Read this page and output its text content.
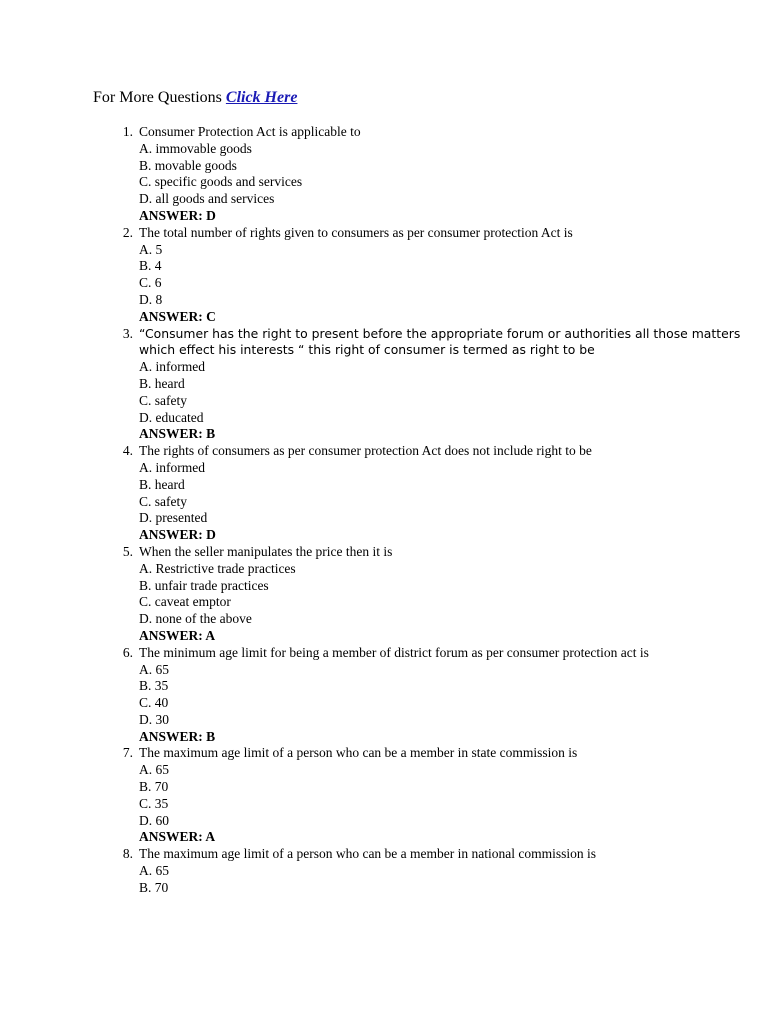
For More Questions Click Here
1. Consumer Protection Act is applicable to
A. immovable goods
B. movable goods
C. specific goods and services
D. all goods and services
ANSWER: D
2. The total number of rights given to consumers as per consumer protection Act is
A. 5
B. 4
C. 6
D. 8
ANSWER: C
3. “Consumer has the right to present before the appropriate forum or authorities all those matters
which effect his interests “ this right of consumer is termed as right to be
A. informed
B. heard
C. safety
D. educated
ANSWER: B
4. The rights of consumers as per consumer protection Act does not include right to be
A. informed
B. heard
C. safety
D. presented
ANSWER: D
5. When the seller manipulates the price then it is
A. Restrictive trade practices
B. unfair trade practices
C. caveat emptor
D. none of the above
ANSWER: A
6. The minimum age limit for being a member of district forum as per consumer protection act is
A. 65
B. 35
C. 40
D. 30
ANSWER: B
7. The maximum age limit of a person who can be a member in state commission is
A. 65
B. 70
C. 35
D. 60
ANSWER: A
8. The maximum age limit of a person who can be a member in national commission is
A. 65
B. 70
